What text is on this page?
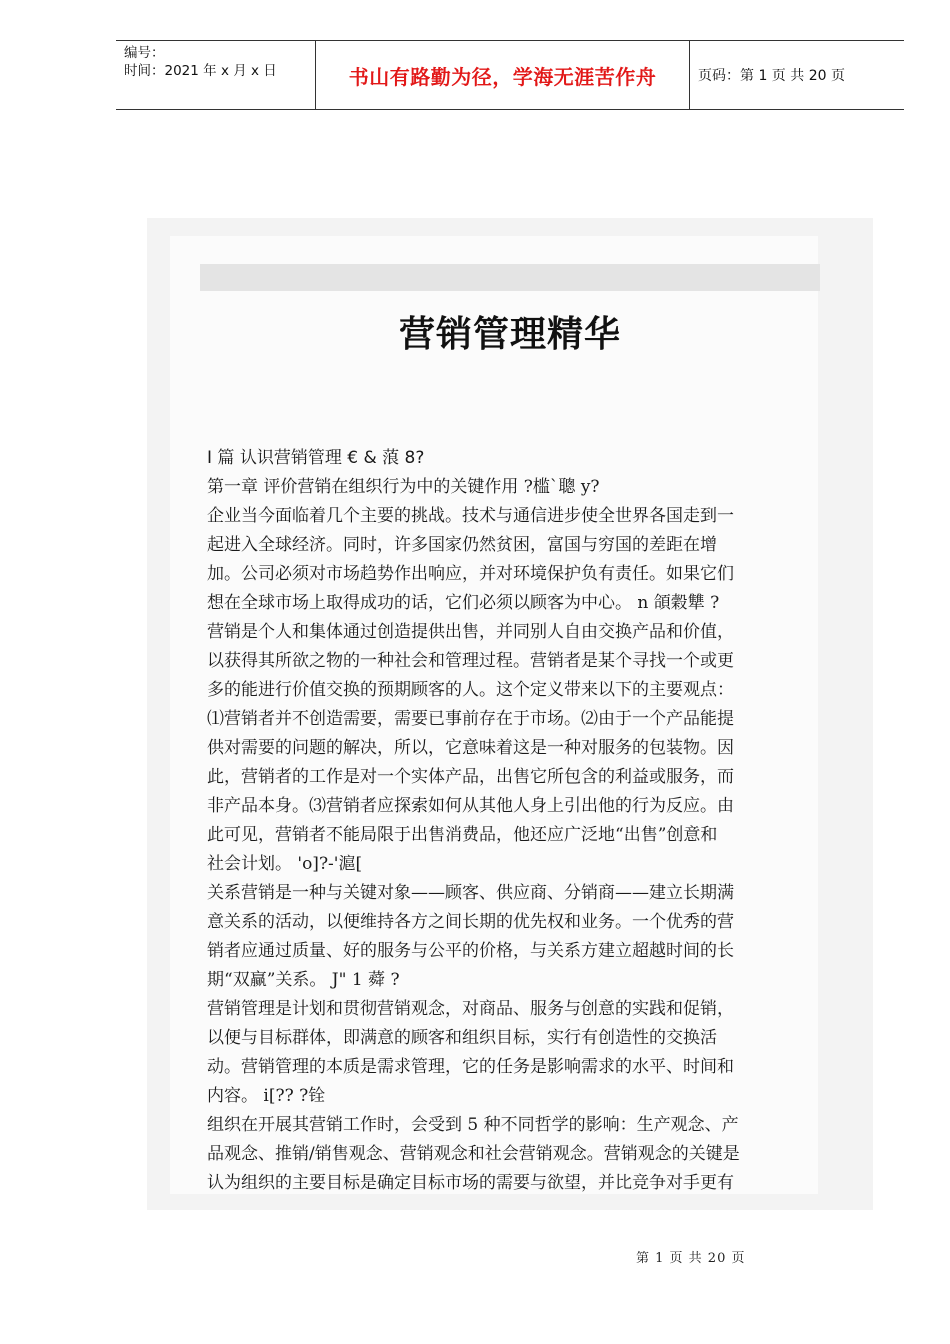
编号：
时间：2021 年 x 月 x 日	书山有路勤为径，学海无涯苦作舟	页码：第 1 页 共 20 页
营销管理精华

I 篇 认识营销管理 € & 蒗 8?

第一章 评价营销在组织行为中的关键作用 ?槛`聰 y?

企业当今面临着几个主要的挑战。技术与通信进步使全世界各国走到一

起进入全球经济。同时，许多国家仍然贫困，富国与穷国的差距在增

加。公司必须对市场趋势作出响应，并对环境保护负有责任。如果它们

想在全球市场上取得成功的话，它们必须以顾客为中心。 n 頜穀犨 ?

营销是个人和集体通过创造提供出售，并同别人自由交换产品和价值，

以获得其所欲之物的一种社会和管理过程。营销者是某个寻找一个或更

多的能进行价值交换的预期顾客的人。这个定义带来以下的主要观点：

⑴营销者并不创造需要，需要已事前存在于市场。⑵由于一个产品能提

供对需要的问题的解决，所以，它意味着这是一种对服务的包装物。因

此，营销者的工作是对一个实体产品，出售它所包含的利益或服务，而

非产品本身。⑶营销者应探索如何从其他人身上引出他的行为反应。由

此可见，营销者不能局限于出售消费品，他还应广泛地“出售”创意和

社会计划。 'o]?-'滬[

关系营销是一种与关键对象——顾客、供应商、分销商——建立长期满

意关系的活动，以便维持各方之间长期的优先权和业务。一个优秀的营

销者应通过质量、好的服务与公平的价格，与关系方建立超越时间的长

期“双赢”关系。 J" 1 蕣 ?

营销管理是计划和贯彻营销观念，对商品、服务与创意的实践和促销，

以便与目标群体，即满意的顾客和组织目标，实行有创造性的交换活

动。营销管理的本质是需求管理，它的任务是影响需求的水平、时间和

内容。 i[?? ?铨

组织在开展其营销工作时，会受到 5 种不同哲学的影响：生产观念、产

品观念、推销/销售观念、营销观念和社会营销观念。营销观念的关键是

认为组织的主要目标是确定目标市场的需要与欲望，并比竞争对手更有

第 1 页 共 20 页
